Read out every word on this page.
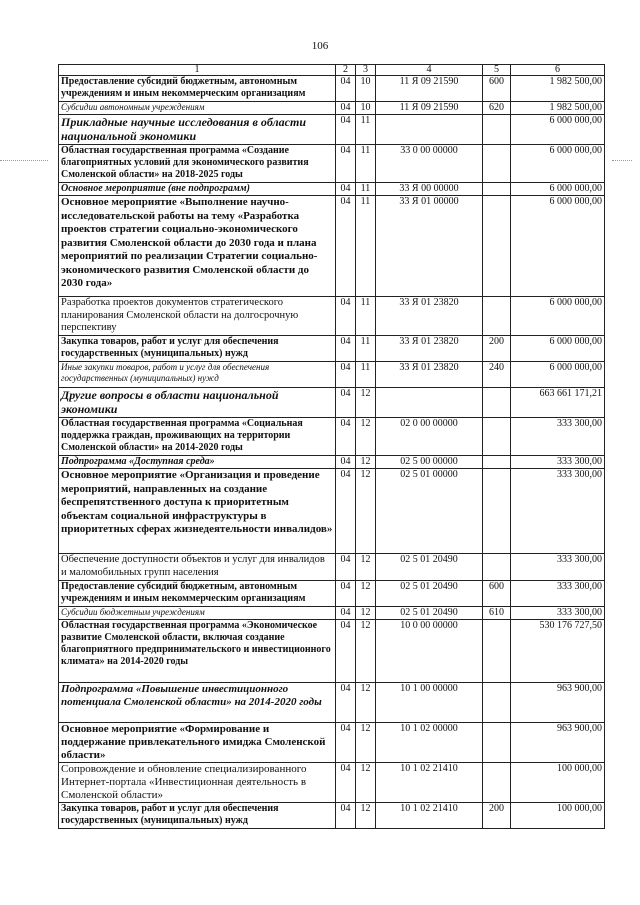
106
1	2	3	4	5	6
Предоставление субсидий бюджетным, автономным учреждениям и иным некоммерческим организациям	04	10	11 Я 09 21590	600	1 982 500,00
Субсидии автономным учреждениям	04	10	11 Я 09 21590	620	1 982 500,00
Прикладные научные исследования в области национальной экономики	04	11			6 000 000,00
Областная государственная программа «Создание благоприятных условий для экономического развития Смоленской области» на 2018-2025 годы	04	11	33 0 00 00000		6 000 000,00
Основное мероприятие (вне подпрограмм)	04	11	33 Я 00 00000		6 000 000,00
Основное мероприятие «Выполнение научно-исследовательской работы на тему «Разработка проектов стратегии социально-экономического развития Смоленской области до 2030 года и плана мероприятий по реализации Стратегии социально-экономического развития Смоленской области до 2030 года»	04	11	33 Я 01 00000		6 000 000,00
Разработка проектов документов стратегического планирования Смоленской области на долгосрочную перспективу	04	11	33 Я 01 23820		6 000 000,00
Закупка товаров, работ и услуг для обеспечения государственных (муниципальных) нужд	04	11	33 Я 01 23820	200	6 000 000,00
Иные закупки товаров, работ и услуг для обеспечения государственных (муниципальных) нужд	04	11	33 Я 01 23820	240	6 000 000,00
Другие вопросы в области национальной экономики	04	12			663 661 171,21
Областная государственная программа «Социальная поддержка граждан, проживающих на территории Смоленской области» на 2014-2020 годы	04	12	02 0 00 00000		333 300,00
Подпрограмма «Доступная среда»	04	12	02 5 00 00000		333 300,00
Основное мероприятие «Организация и проведение мероприятий, направленных на создание беспрепятственного доступа к приоритетным объектам социальной инфраструктуры в приоритетных сферах жизнедеятельности инвалидов»	04	12	02 5 01 00000		333 300,00
Обеспечение доступности объектов и услуг для инвалидов и маломобильных групп населения	04	12	02 5 01 20490		333 300,00
Предоставление субсидий бюджетным, автономным учреждениям и иным некоммерческим организациям	04	12	02 5 01 20490	600	333 300,00
Субсидии бюджетным учреждениям	04	12	02 5 01 20490	610	333 300,00
Областная государственная программа «Экономическое развитие Смоленской области, включая создание благоприятного предпринимательского и инвестиционного климата» на 2014-2020 годы	04	12	10 0 00 00000		530 176 727,50
Подпрограмма «Повышение инвестиционного потенциала Смоленской области» на 2014-2020 годы	04	12	10 1 00 00000		963 900,00
Основное мероприятие «Формирование и поддержание привлекательного имиджа Смоленской области»	04	12	10 1 02 00000		963 900,00
Сопровождение и обновление специализированного Интернет-портала «Инвестиционная деятельность в Смоленской области»	04	12	10 1 02 21410		100 000,00
Закупка товаров, работ и услуг для обеспечения государственных (муниципальных) нужд	04	12	10 1 02 21410	200	100 000,00
